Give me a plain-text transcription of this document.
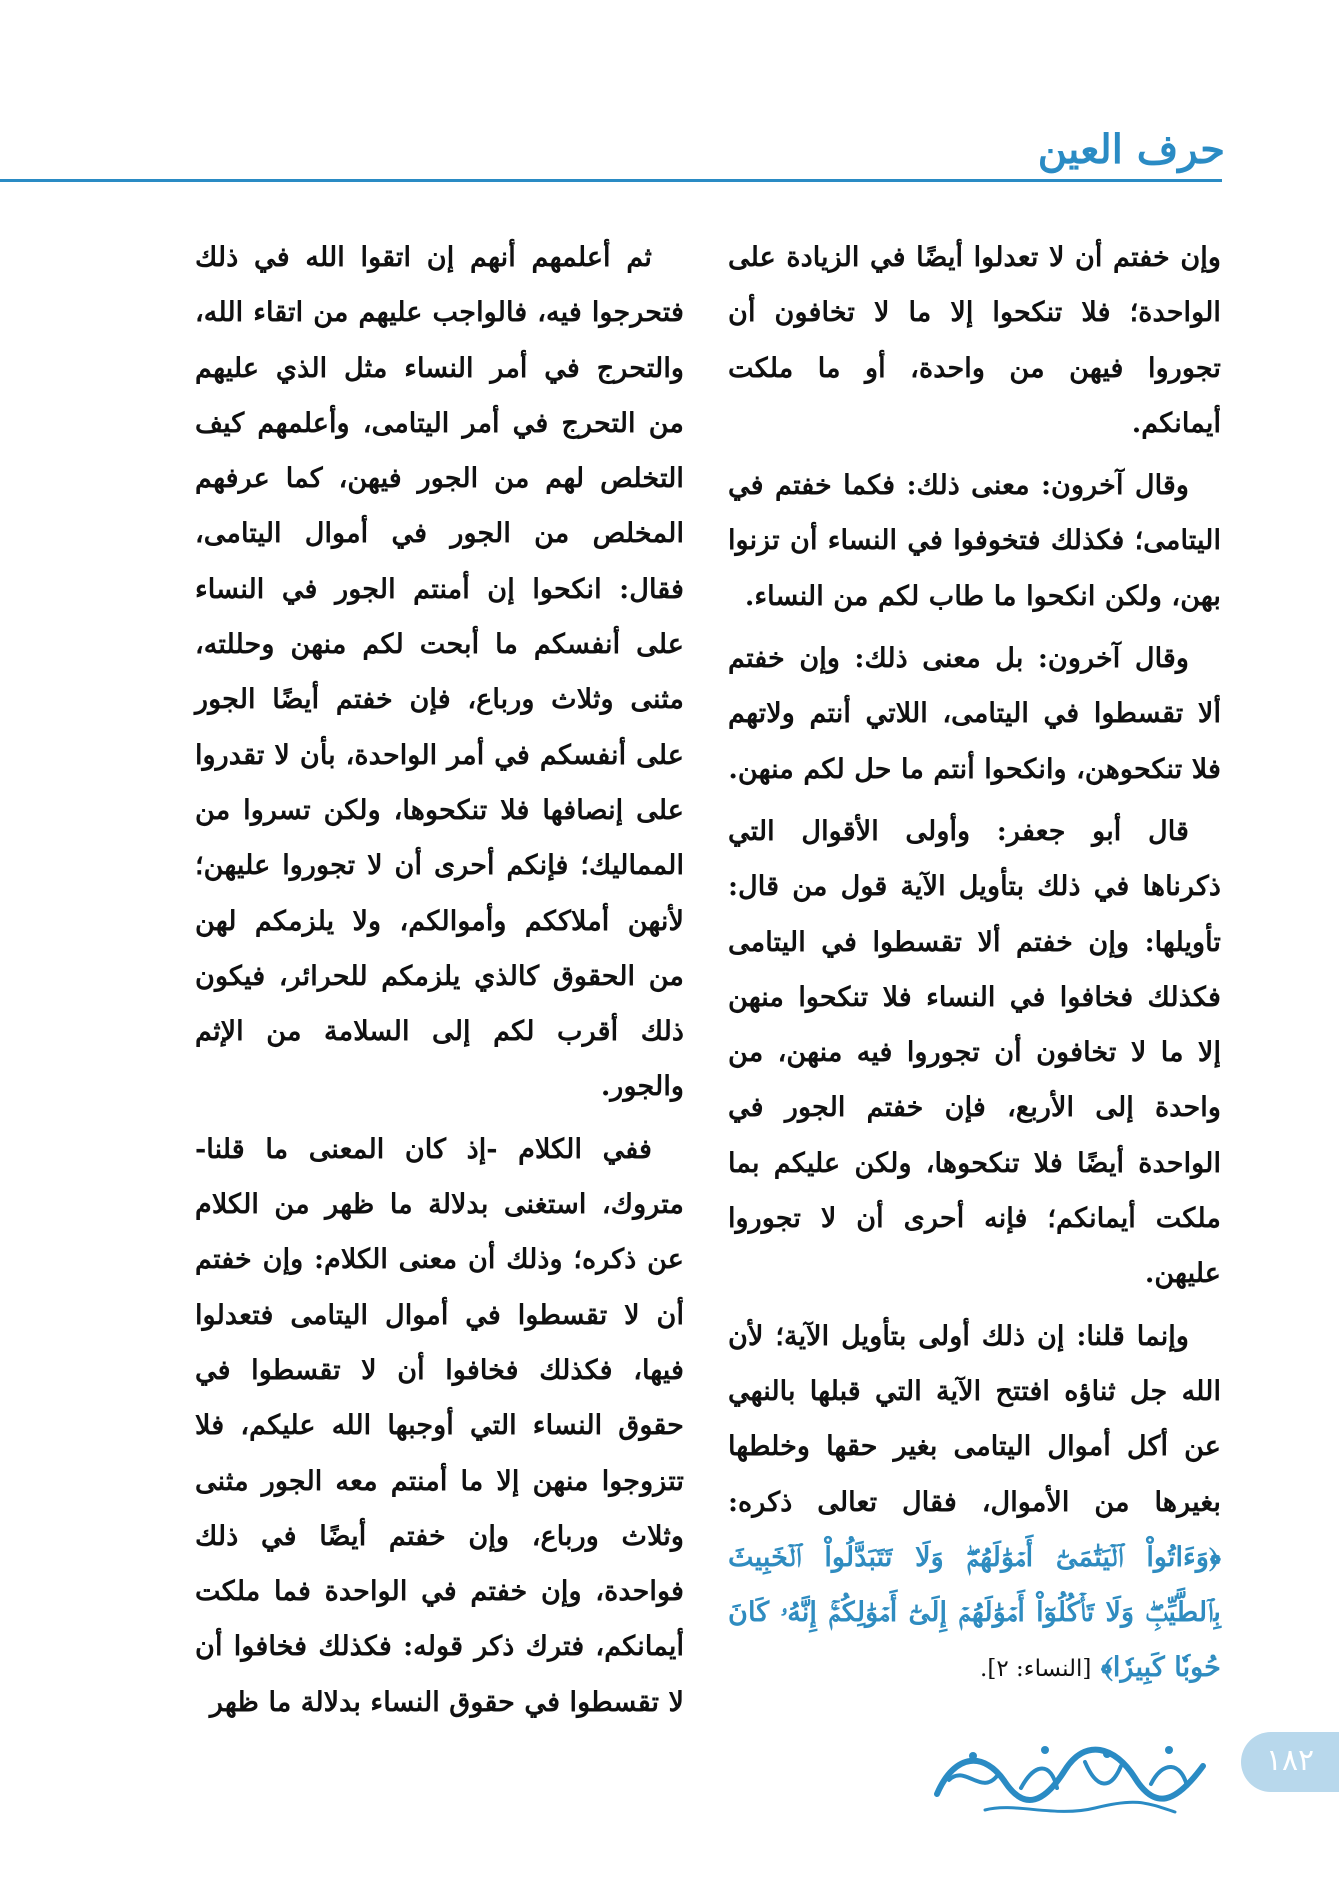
حرف العين

وإن خفتم أن لا تعدلوا أيضًا في الزيادة على الواحدة؛ فلا تنكحوا إلا ما لا تخافون أن تجوروا فيهن من واحدة، أو ما ملكت أيمانكم.

وقال آخرون: معنى ذلك: فكما خفتم في اليتامى؛ فكذلك فتخوفوا في النساء أن تزنوا بهن، ولكن انكحوا ما طاب لكم من النساء.

وقال آخرون: بل معنى ذلك: وإن خفتم ألا تقسطوا في اليتامى، اللاتي أنتم ولاتهم فلا تنكحوهن، وانكحوا أنتم ما حل لكم منهن.

قال أبو جعفر: وأولى الأقوال التي ذكرناها في ذلك بتأويل الآية قول من قال: تأويلها: وإن خفتم ألا تقسطوا في اليتامى فكذلك فخافوا في النساء فلا تنكحوا منهن إلا ما لا تخافون أن تجوروا فيه منهن، من واحدة إلى الأربع، فإن خفتم الجور في الواحدة أيضًا فلا تنكحوها، ولكن عليكم بما ملكت أيمانكم؛ فإنه أحرى أن لا تجوروا عليهن.

وإنما قلنا: إن ذلك أولى بتأويل الآية؛ لأن الله جل ثناؤه افتتح الآية التي قبلها بالنهي عن أكل أموال اليتامى بغير حقها وخلطها بغيرها من الأموال، فقال تعالى ذكره: ﴿وَءَاتُواْ ٱلۡيَتَٰمَىٰٓ أَمۡوَٰلَهُمۡۖ وَلَا تَتَبَدَّلُواْ ٱلۡخَبِيثَ بِٱلطَّيِّبِۖ وَلَا تَأۡكُلُوٓاْ أَمۡوَٰلَهُمۡ إِلَىٰٓ أَمۡوَٰلِكُمۡۚ إِنَّهُۥ كَانَ حُوبٗا كَبِيرٗا﴾ [النساء: ٢].

ثم أعلمهم أنهم إن اتقوا الله في ذلك فتحرجوا فيه، فالواجب عليهم من اتقاء الله، والتحرج في أمر النساء مثل الذي عليهم من التحرج في أمر اليتامى، وأعلمهم كيف التخلص لهم من الجور فيهن، كما عرفهم المخلص من الجور في أموال اليتامى، فقال: انكحوا إن أمنتم الجور في النساء على أنفسكم ما أبحت لكم منهن وحللته، مثنى وثلاث ورباع، فإن خفتم أيضًا الجور على أنفسكم في أمر الواحدة، بأن لا تقدروا على إنصافها فلا تنكحوها، ولكن تسروا من المماليك؛ فإنكم أحرى أن لا تجوروا عليهن؛ لأنهن أملاككم وأموالكم، ولا يلزمكم لهن من الحقوق كالذي يلزمكم للحرائر، فيكون ذلك أقرب لكم إلى السلامة من الإثم والجور.

ففي الكلام -إذ كان المعنى ما قلنا- متروك، استغنى بدلالة ما ظهر من الكلام عن ذكره؛ وذلك أن معنى الكلام: وإن خفتم أن لا تقسطوا في أموال اليتامى فتعدلوا فيها، فكذلك فخافوا أن لا تقسطوا في حقوق النساء التي أوجبها الله عليكم، فلا تتزوجوا منهن إلا ما أمنتم معه الجور مثنى وثلاث ورباع، وإن خفتم أيضًا في ذلك فواحدة، وإن خفتم في الواحدة فما ملكت أيمانكم، فترك ذكر قوله: فكذلك فخافوا أن لا تقسطوا في حقوق النساء بدلالة ما ظهر

١٨٢
